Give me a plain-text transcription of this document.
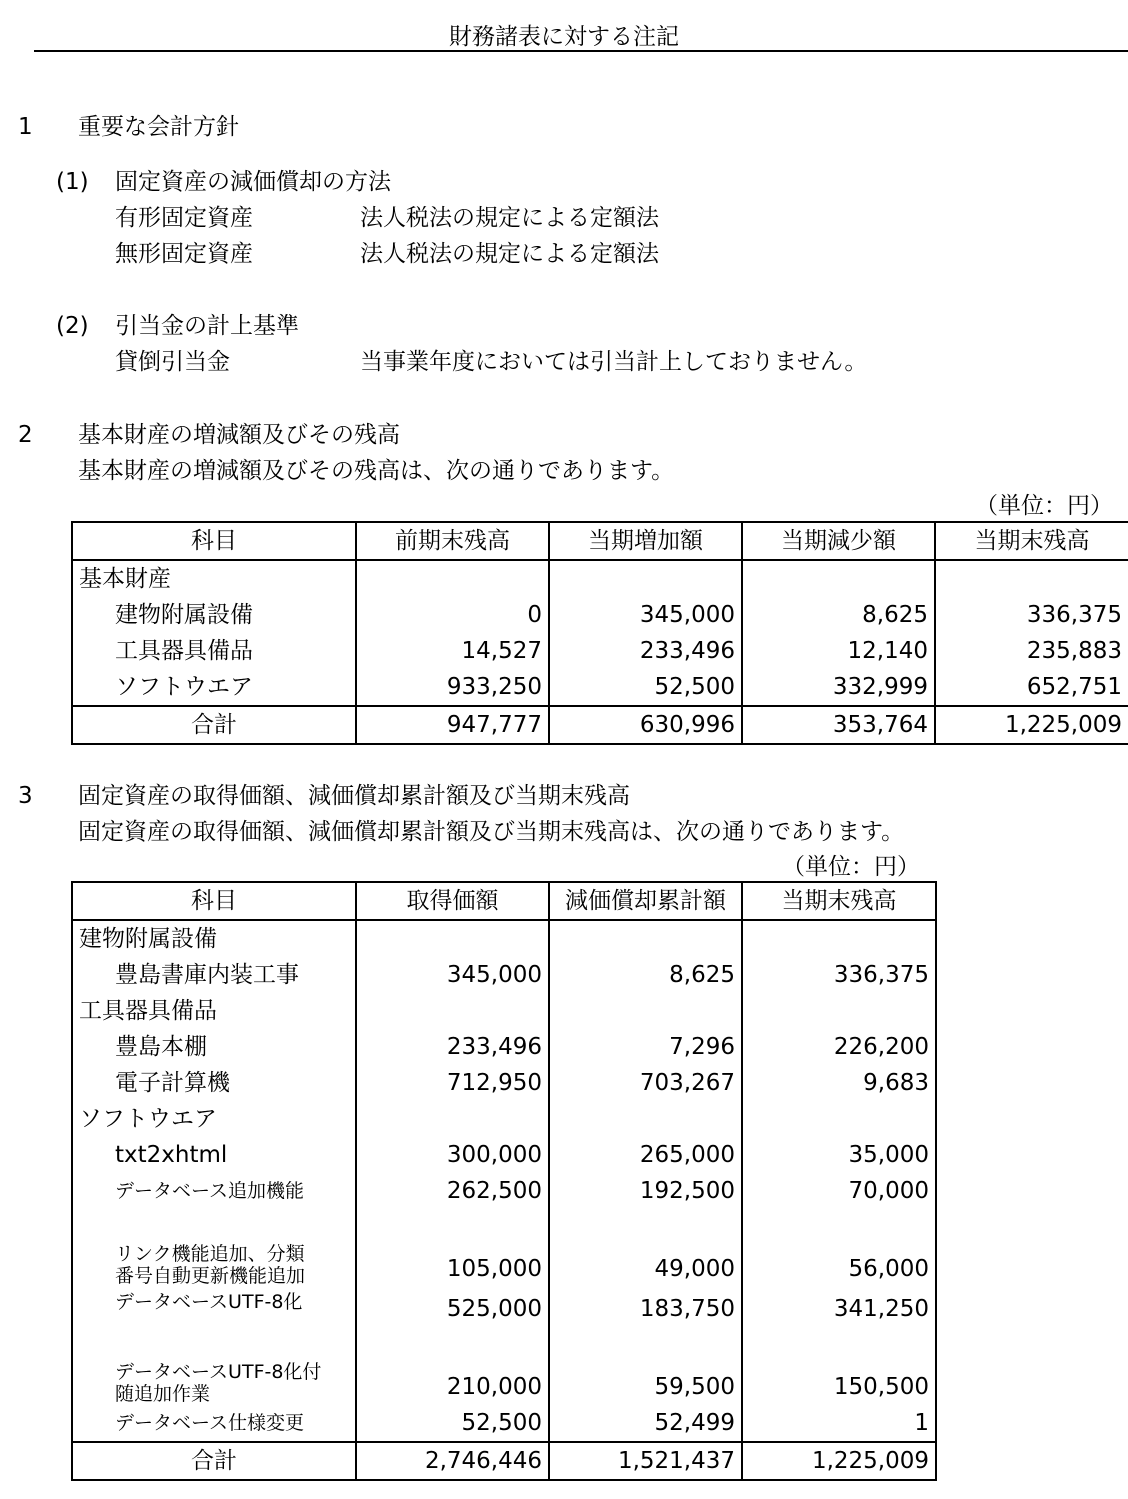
財務諸表に対する注記
1 重要な会計方針
(1) 固定資産の減価償却の方法
有形固定資産	法人税法の規定による定額法
無形固定資産	法人税法の規定による定額法
(2) 引当金の計上基準
貸倒引当金	当事業年度においては引当計上しておりません。
2 基本財産の増減額及びその残高
基本財産の増減額及びその残高は、次の通りであります。
（単位：円）
科目	前期末残高	当期増加額	当期減少額	当期末残高
基本財産				
建物附属設備	0	345,000	8,625	336,375
工具器具備品	14,527	233,496	12,140	235,883
ソフトウエア	933,250	52,500	332,999	652,751
合計	947,777	630,996	353,764	1,225,009
3 固定資産の取得価額、減価償却累計額及び当期末残高
固定資産の取得価額、減価償却累計額及び当期末残高は、次の通りであります。
（単位：円）
科目	取得価額	減価償却累計額	当期末残高
建物附属設備			
豊島書庫内装工事	345,000	8,625	336,375
工具器具備品			
豊島本棚	233,496	7,296	226,200
電子計算機	712,950	703,267	9,683
ソフトウエア			
txt2xhtml	300,000	265,000	35,000
データベース追加機能	262,500	192,500	70,000

リンク機能追加、分類
番号自動更新機能追加	105,000	49,000	56,000
データベースUTF-8化	525,000	183,750	341,250

データベースUTF-8化付
随追加作業	210,000	59,500	150,500
データベース仕様変更	52,500	52,499	1
合計	2,746,446	1,521,437	1,225,009
